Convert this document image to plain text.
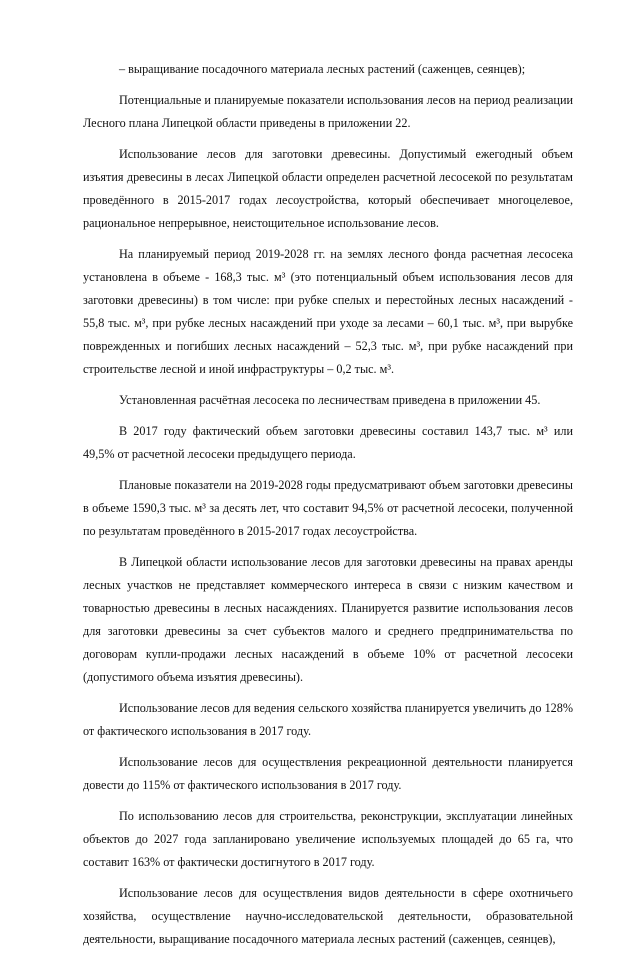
– выращивание посадочного материала лесных растений (саженцев, сеянцев);

Потенциальные и планируемые показатели использования лесов на период реализации Лесного плана Липецкой области приведены в приложении 22.

Использование лесов для заготовки древесины. Допустимый ежегодный объем изъятия древесины в лесах Липецкой области определен расчетной лесосекой по результатам проведённого в 2015-2017 годах лесоустройства, который обеспечивает многоцелевое, рациональное непрерывное, неистощительное использование лесов.

На планируемый период 2019-2028 гг. на землях лесного фонда расчетная лесосека установлена в объеме - 168,3 тыс. м³ (это потенциальный объем использования лесов для заготовки древесины) в том числе: при рубке спелых и перестойных лесных насаждений - 55,8 тыс. м³, при рубке лесных насаждений при уходе за лесами – 60,1 тыс. м³, при вырубке поврежденных и погибших лесных насаждений – 52,3 тыс. м³, при рубке насаждений при строительстве лесной и иной инфраструктуры – 0,2 тыс. м³.

Установленная расчётная лесосека по лесничествам приведена в приложении 45.

В 2017 году фактический объем заготовки древесины составил 143,7 тыс. м³ или 49,5% от расчетной лесосеки предыдущего периода.

Плановые показатели на 2019-2028 годы предусматривают объем заготовки древесины в объеме 1590,3 тыс. м³ за десять лет, что составит 94,5% от расчетной лесосеки, полученной по результатам проведённого в 2015-2017 годах лесоустройства.

В Липецкой области использование лесов для заготовки древесины на правах аренды лесных участков не представляет коммерческого интереса в связи с низким качеством и товарностью древесины в лесных насаждениях. Планируется развитие использования лесов для заготовки древесины за счет субъектов малого и среднего предпринимательства по договорам купли-продажи лесных насаждений в объеме 10% от расчетной лесосеки (допустимого объема изъятия древесины).

Использование лесов для ведения сельского хозяйства планируется увеличить до 128% от фактического использования в 2017 году.

Использование лесов для осуществления рекреационной деятельности планируется довести до 115% от фактического использования в 2017 году.

По использованию лесов для строительства, реконструкции, эксплуатации линейных объектов до 2027 года запланировано увеличение используемых площадей до 65 га, что составит 163% от фактически достигнутого в 2017 году.

Использование лесов для осуществления видов деятельности в сфере охотничьего хозяйства, осуществление научно-исследовательской деятельности, образовательной деятельности, выращивание посадочного материала лесных растений (саженцев, сеянцев),
